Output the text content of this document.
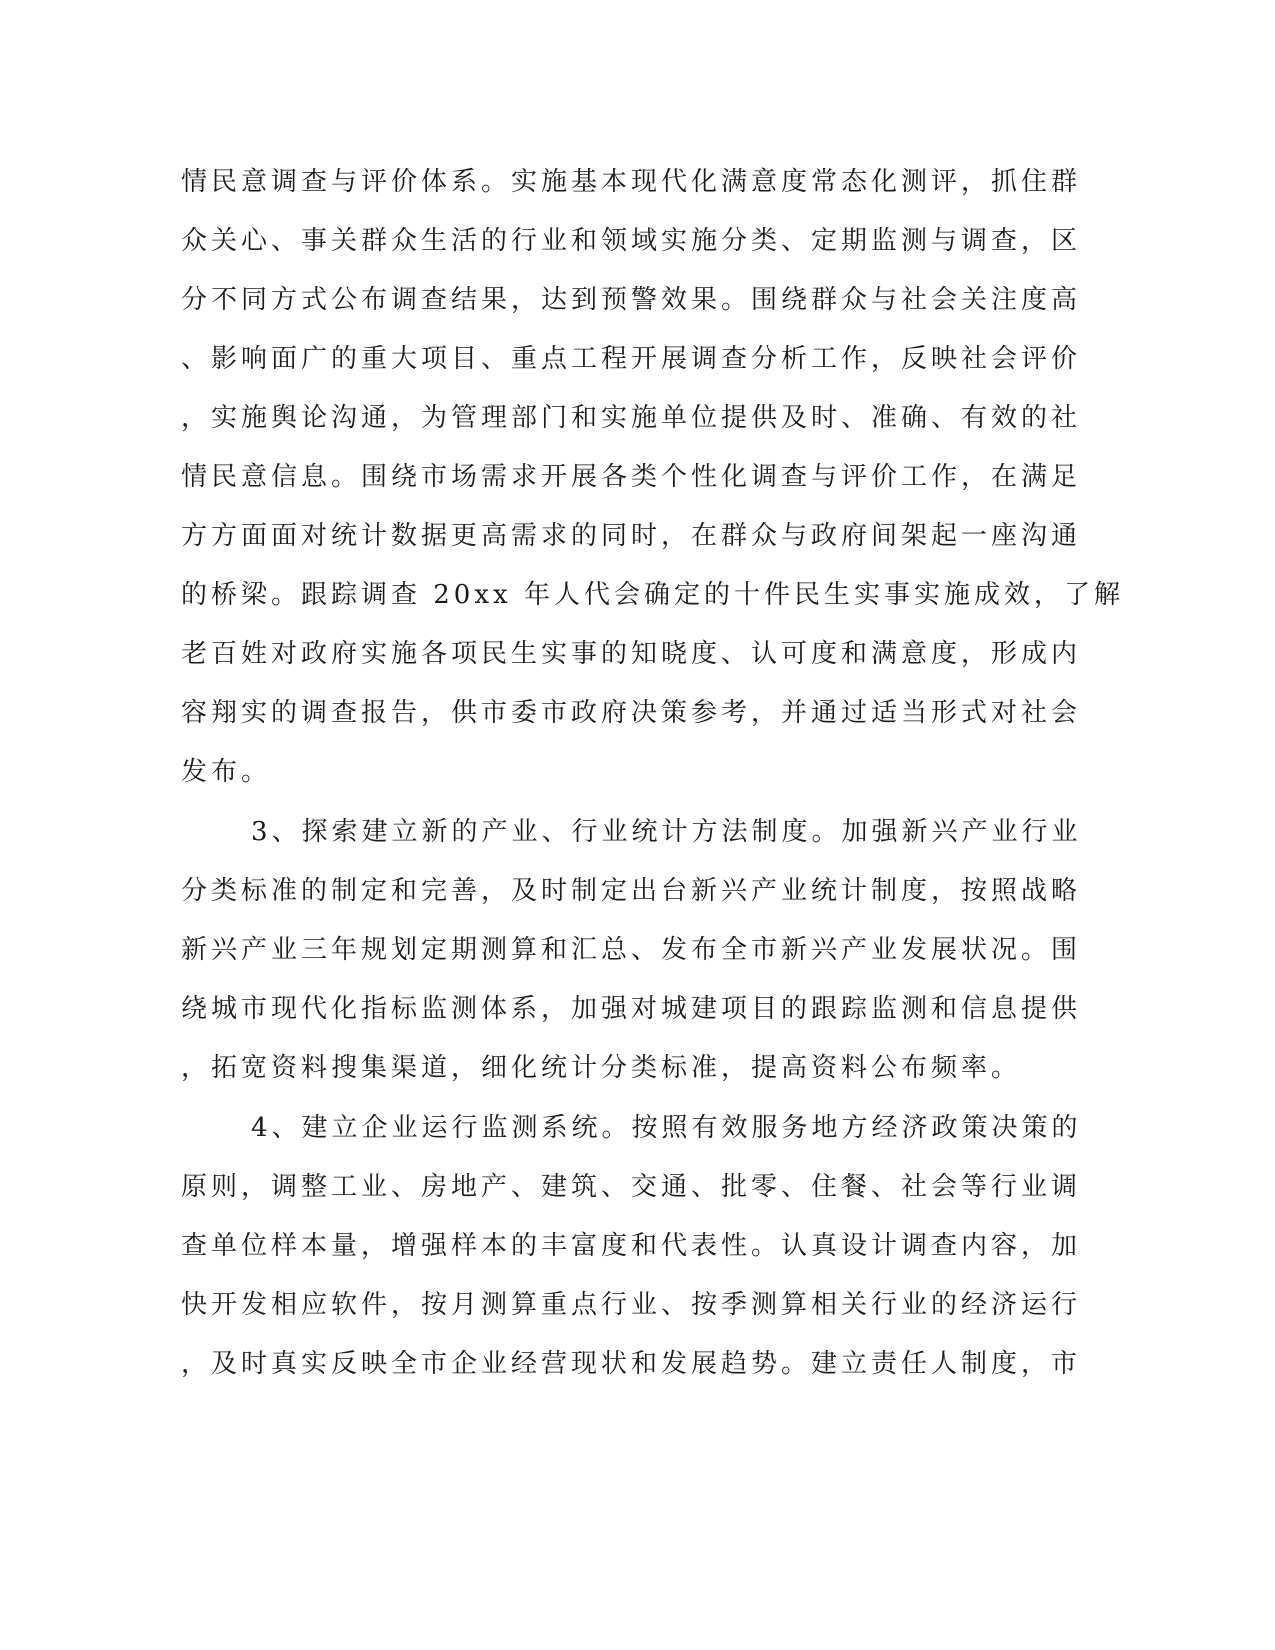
情民意调查与评价体系。实施基本现代化满意度常态化测评，抓住群
众关心、事关群众生活的行业和领域实施分类、定期监测与调查，区
分不同方式公布调查结果，达到预警效果。围绕群众与社会关注度高
、影响面广的重大项目、重点工程开展调查分析工作，反映社会评价
，实施舆论沟通，为管理部门和实施单位提供及时、准确、有效的社
情民意信息。围绕市场需求开展各类个性化调查与评价工作，在满足
方方面面对统计数据更高需求的同时，在群众与政府间架起一座沟通
的桥梁。跟踪调查 20xx 年人代会确定的十件民生实事实施成效，了解
老百姓对政府实施各项民生实事的知晓度、认可度和满意度，形成内
容翔实的调查报告，供市委市政府决策参考，并通过适当形式对社会
发布。
3、探索建立新的产业、行业统计方法制度。加强新兴产业行业
分类标准的制定和完善，及时制定出台新兴产业统计制度，按照战略
新兴产业三年规划定期测算和汇总、发布全市新兴产业发展状况。围
绕城市现代化指标监测体系，加强对城建项目的跟踪监测和信息提供
，拓宽资料搜集渠道，细化统计分类标准，提高资料公布频率。
4、建立企业运行监测系统。按照有效服务地方经济政策决策的
原则，调整工业、房地产、建筑、交通、批零、住餐、社会等行业调
查单位样本量，增强样本的丰富度和代表性。认真设计调查内容，加
快开发相应软件，按月测算重点行业、按季测算相关行业的经济运行
，及时真实反映全市企业经营现状和发展趋势。建立责任人制度，市
